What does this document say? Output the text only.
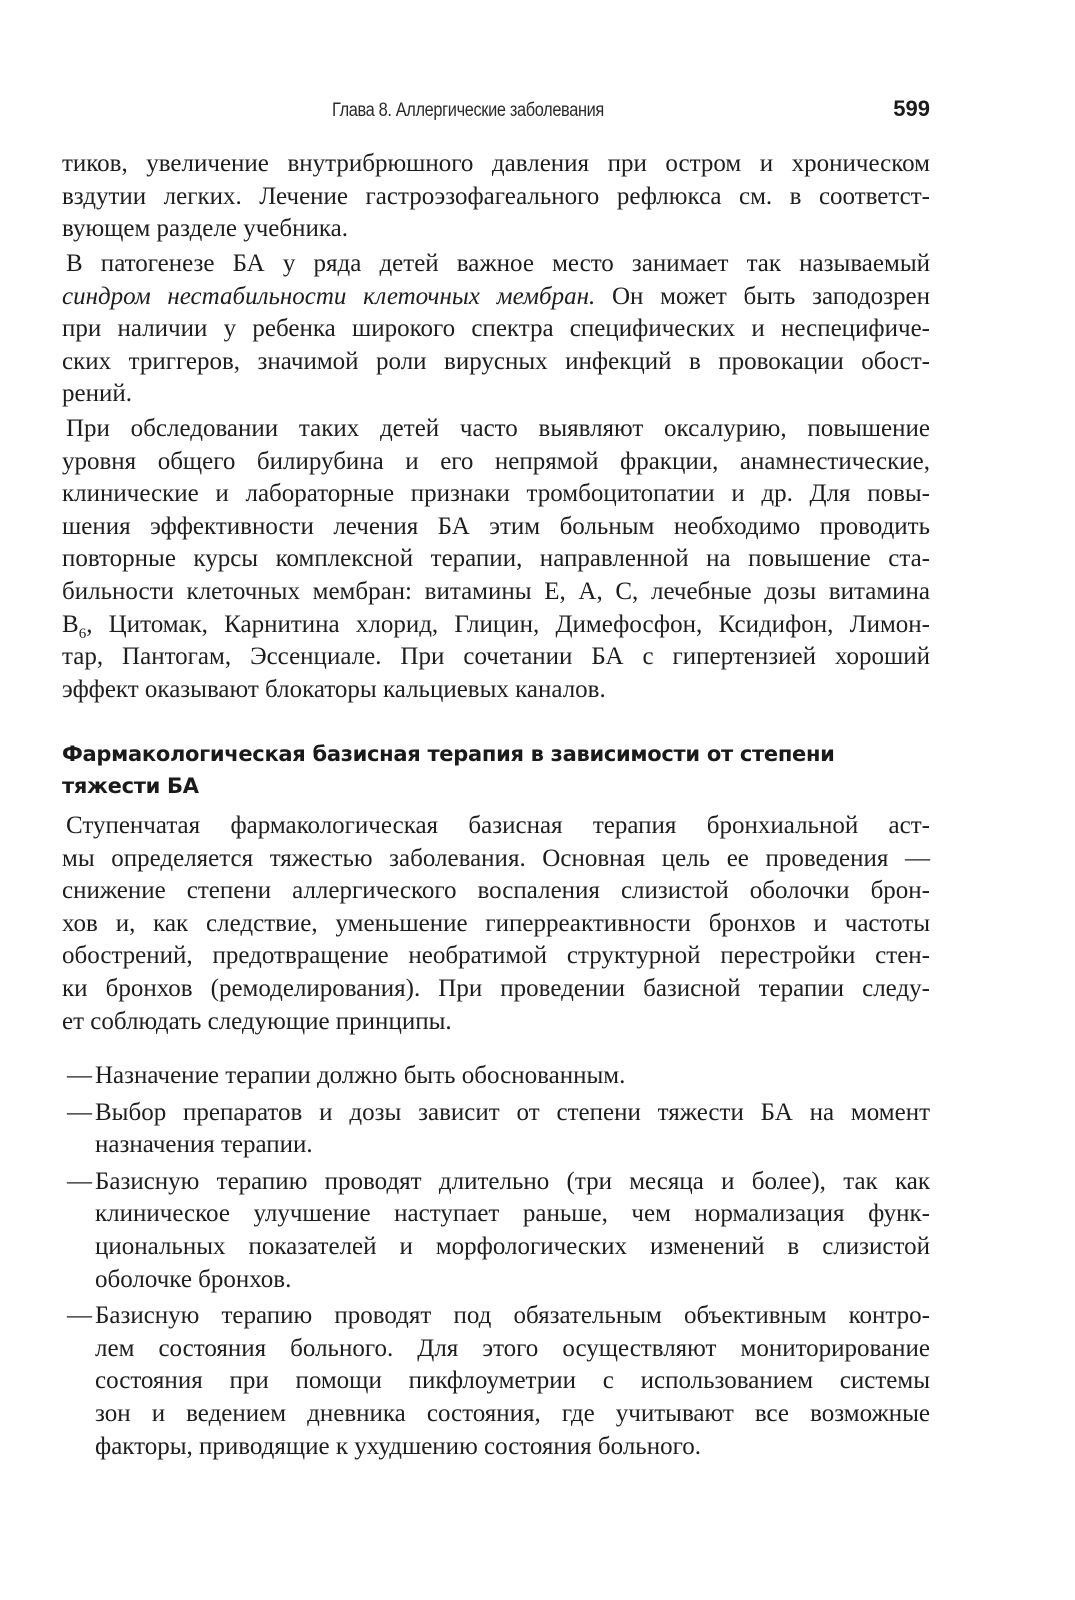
Глава 8. Аллергические заболевания	599
тиков, увеличение внутрибрюшного давления при остром и хроническом
вздутии легких. Лечение гастроэзофагеального рефлюкса см. в соответст-
вующем разделе учебника.
В патогенезе БА у ряда детей важное место занимает так называемый
синдром нестабильности клеточных мембран. Он может быть заподозрен
при наличии у ребенка широкого спектра специфических и неспецифиче-
ских триггеров, значимой роли вирусных инфекций в провокации обост-
рений.
При обследовании таких детей часто выявляют оксалурию, повышение
уровня общего билирубина и его непрямой фракции, анамнестические,
клинические и лабораторные признаки тромбоцитопатии и др. Для повы-
шения эффективности лечения БА этим больным необходимо проводить
повторные курсы комплексной терапии, направленной на повышение ста-
бильности клеточных мембран: витамины Е, А, С, лечебные дозы витамина
$В_6$, Цитомак, Карнитина хлорид, Глицин, Димефосфон, Ксидифон, Лимон-
тар, Пантогам, Эссенциале. При сочетании БА с гипертензией хороший
эффект оказывают блокаторы кальциевых каналов.
Фармакологическая базисная терапия в зависимости от степени
тяжести БА
Ступенчатая фармакологическая базисная терапия бронхиальной аст-
мы определяется тяжестью заболевания. Основная цель ее проведения —
снижение степени аллергического воспаления слизистой оболочки брон-
хов и, как следствие, уменьшение гиперреактивности бронхов и частоты
обострений, предотвращение необратимой структурной перестройки стен-
ки бронхов (ремоделирования). При проведении базисной терапии следу-
ет соблюдать следующие принципы.
— Назначение терапии должно быть обоснованным.
— Выбор препаратов и дозы зависит от степени тяжести БА на момент
назначения терапии.
— Базисную терапию проводят длительно (три месяца и более), так как
клиническое улучшение наступает раньше, чем нормализация функ-
циональных показателей и морфологических изменений в слизистой
оболочке бронхов.
— Базисную терапию проводят под обязательным объективным контро-
лем состояния больного. Для этого осуществляют мониторирование
состояния при помощи пикфлоуметрии с использованием системы
зон и ведением дневника состояния, где учитывают все возможные
факторы, приводящие к ухудшению состояния больного.
